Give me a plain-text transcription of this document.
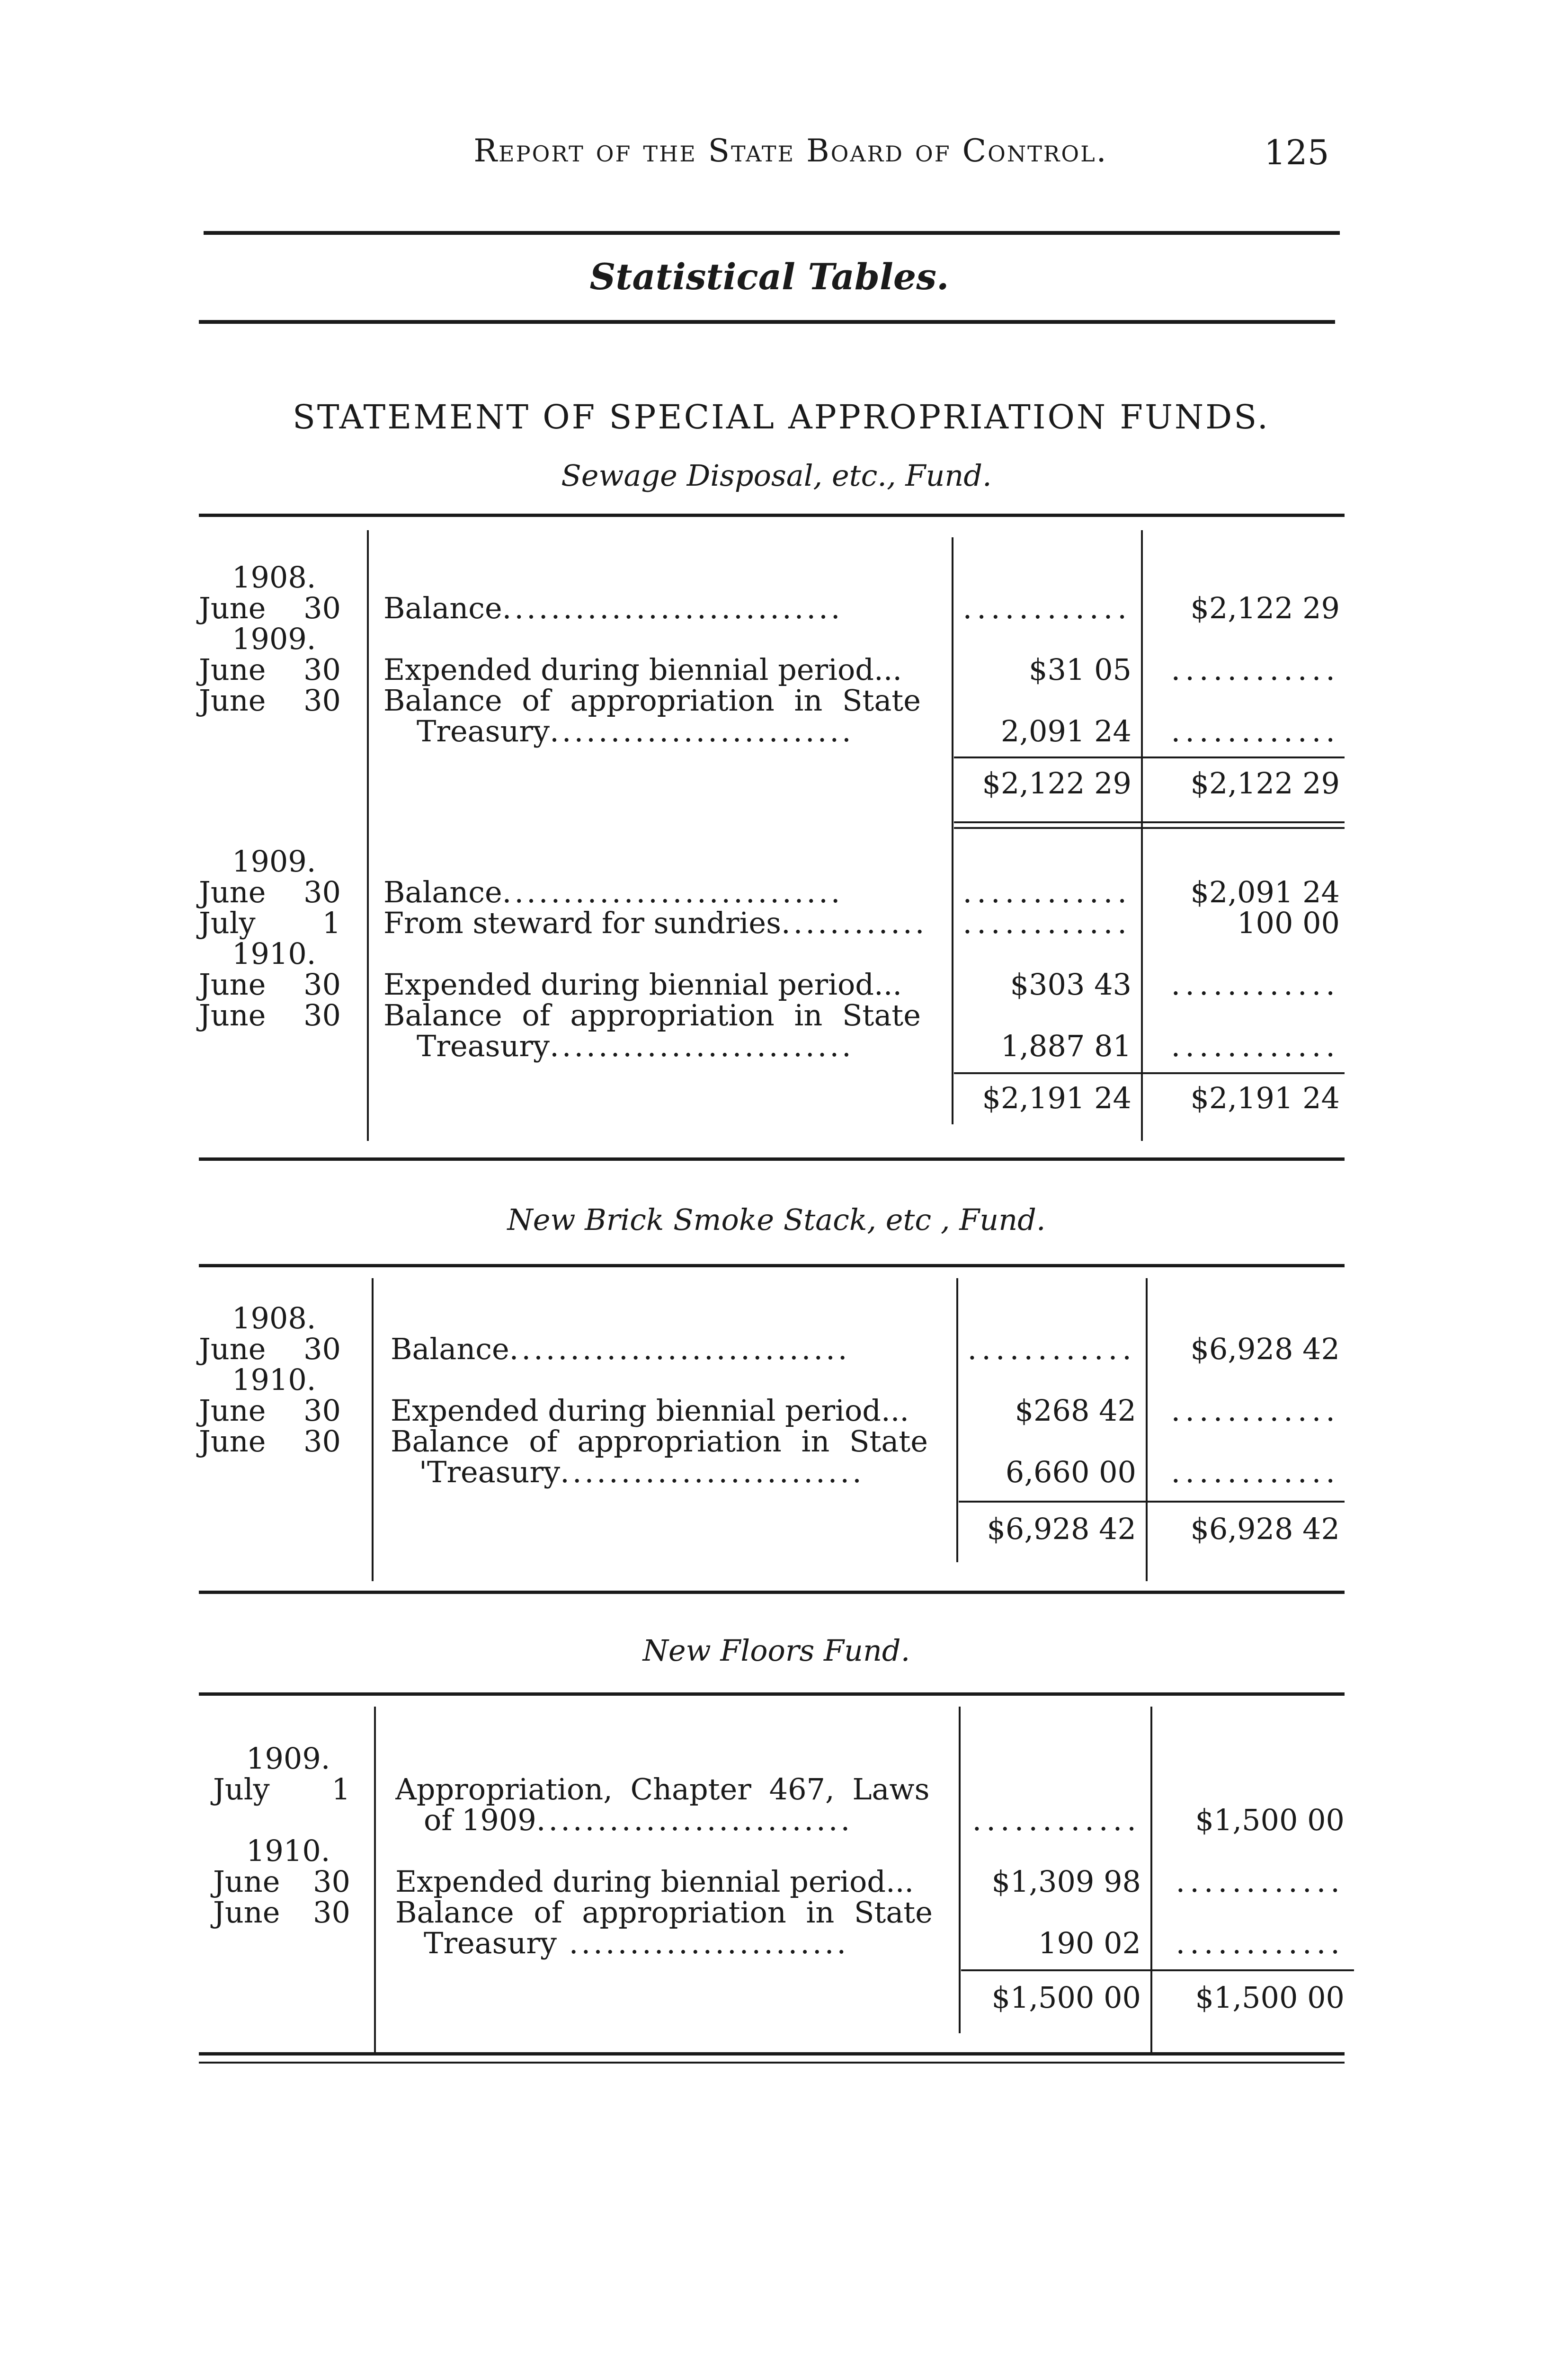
Report of the State Board of Control.	125
Statistical Tables.
STATEMENT OF SPECIAL APPROPRIATION FUNDS.
Sewage Disposal, etc., Fund.
1908.
June 30 Balance............................	............	$2,122 29
1909.
June 30 Expended during biennial period...	$31 05	............
June 30 Balance of appropriation in State
Treasury.........................	2,091 24	............
$2,122 29	$2,122 29
1909.
June 30 Balance............................	............	$2,091 24
July 1 From steward for sundries............	............	100 00
1910.
June 30 Expended during biennial period...	$303 43	............
June 30 Balance of appropriation in State
Treasury.........................	1,887 81	............
$2,191 24	$2,191 24
New Brick Smoke Stack, etc , Fund.
1908.
June 30 Balance............................	............	$6,928 42
1910.
June 30 Expended during biennial period...	$268 42	............
June 30 Balance of appropriation in State
'Treasury.........................	6,660 00	............
$6,928 42	$6,928 42
New Floors Fund.
1909.
July 1 Appropriation, Chapter 467, Laws
of 1909..........................	............	$1,500 00
1910.
June 30 Expended during biennial period...	$1,309 98	............
June 30 Balance of appropriation in State
Treasury .......................	190 02	............
$1,500 00	$1,500 00
